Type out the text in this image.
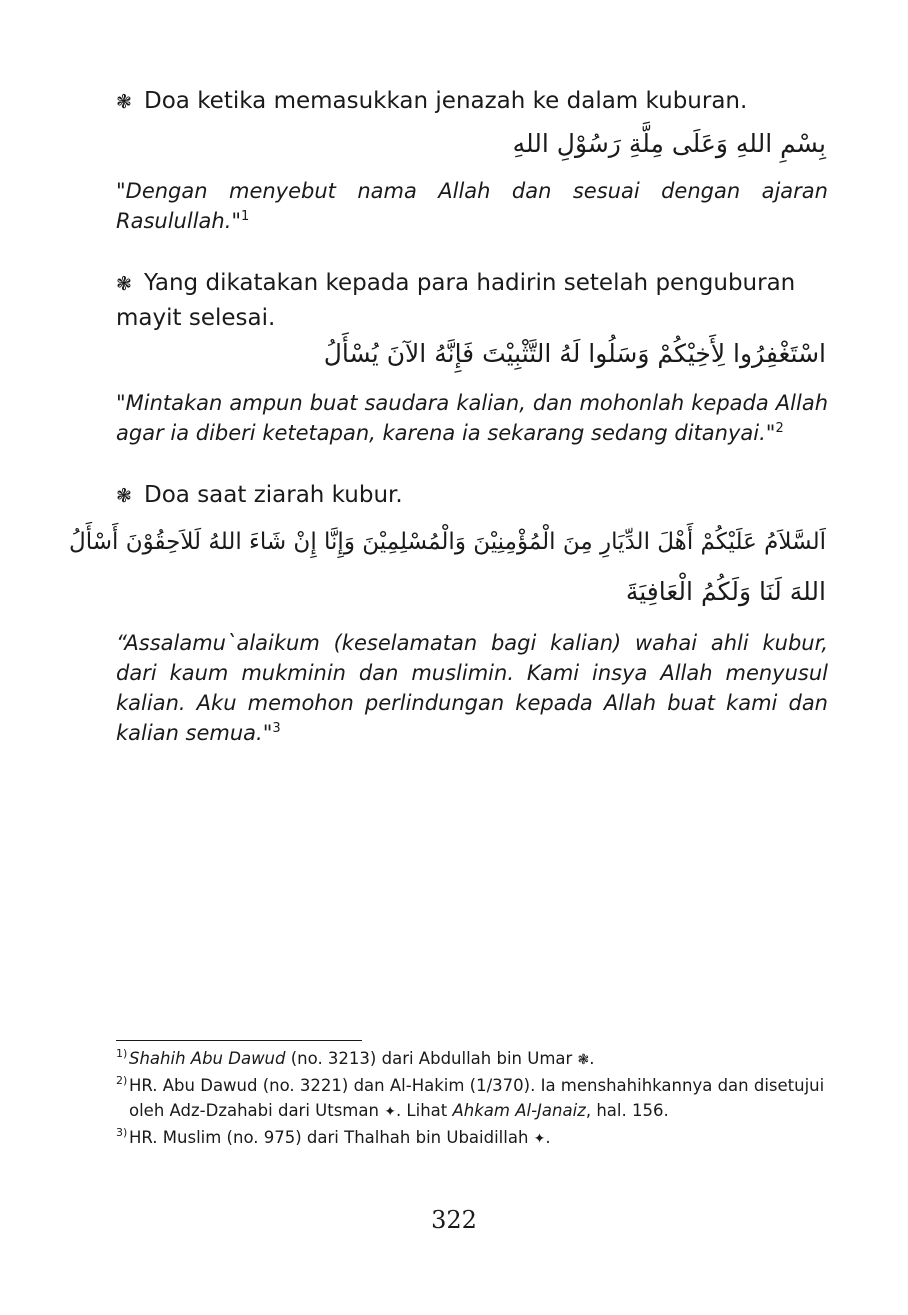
❃ Doa ketika memasukkan jenazah ke dalam kuburan.
بِسْمِ اللهِ وَعَلَى مِلَّةِ رَسُوْلِ اللهِ
"Dengan menyebut nama Allah dan sesuai dengan ajaran Rasulullah."$^1$
❃ Yang dikatakan kepada para hadirin setelah penguburan mayit selesai.
اسْتَغْفِرُوا لِأَخِيْكُمْ وَسَلُوا لَهُ التَّثْبِيْتَ فَإِنَّهُ الآنَ يُسْأَلُ
"Mintakan ampun buat saudara kalian, dan mohonlah kepada Allah agar ia diberi ketetapan, karena ia sekarang sedang ditanyai."$^2$
❃ Doa saat ziarah kubur.
اَلسَّلاَمُ عَلَيْكُمْ أَهْلَ الدِّيَارِ مِنَ الْمُؤْمِنِيْنَ وَالْمُسْلِمِيْنَ وَإِنَّا إِنْ شَاءَ اللهُ لَلاَحِقُوْنَ أَسْأَلُ
اللهَ لَنَا وَلَكُمُ الْعَافِيَةَ
“Assalamu`alaikum (keselamatan bagi kalian) wahai ahli kubur, dari kaum mukminin dan muslimin. Kami insya Allah menyusul kalian. Aku memohon perlindungan kepada Allah buat kami dan kalian semua."$^3$
1) Shahih Abu Dawud (no. 3213) dari Abdullah bin Umar ❃.
2) HR. Abu Dawud (no. 3221) dan Al-Hakim (1/370). Ia menshahihkannya dan disetujui oleh Adz-Dzahabi dari Utsman ✦. Lihat Ahkam Al-Janaiz, hal. 156.
3) HR. Muslim (no. 975) dari Thalhah bin Ubaidillah ✦.
322
